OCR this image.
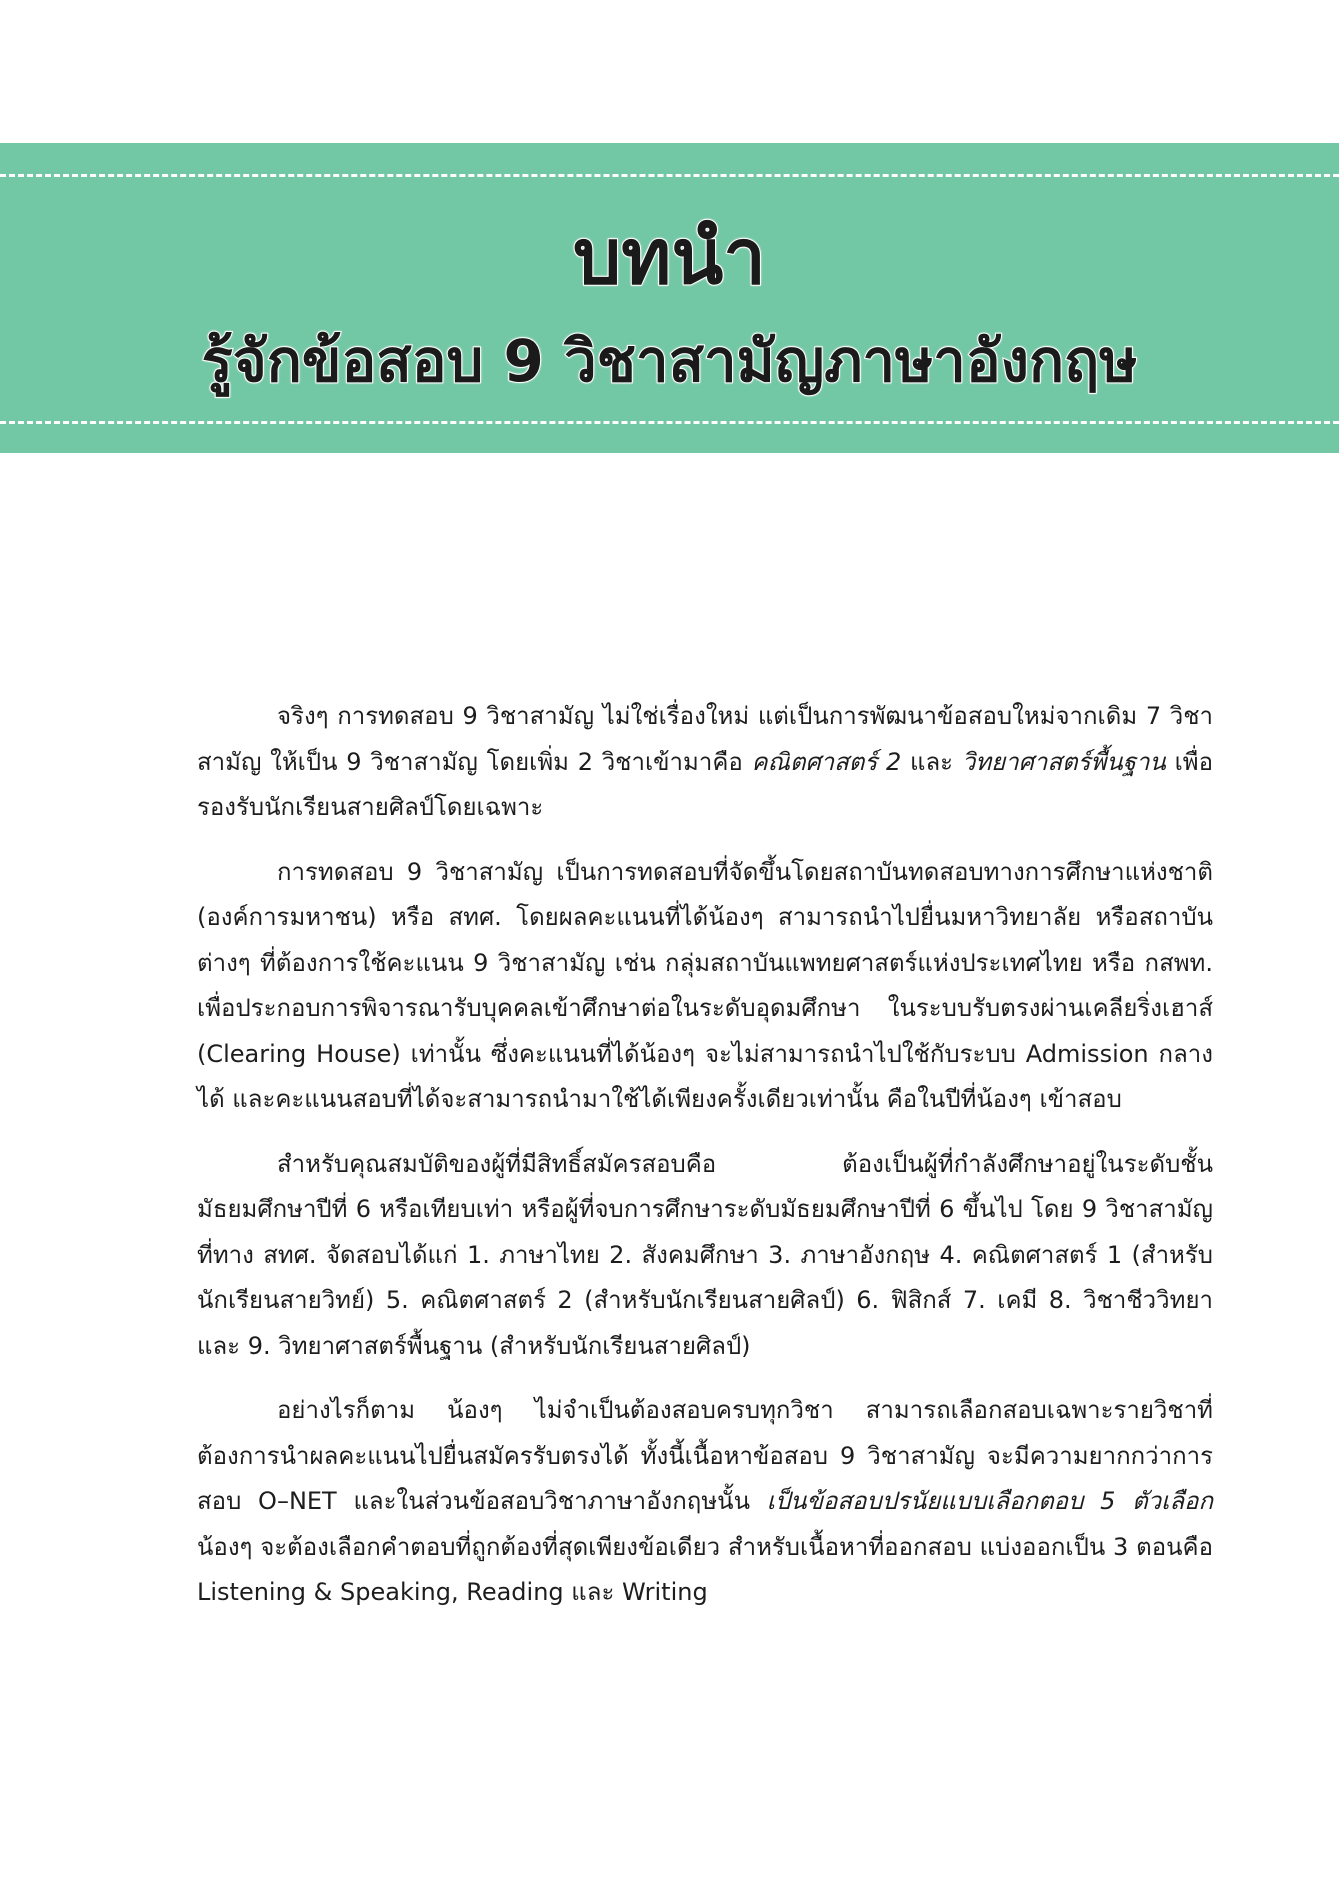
บทนำ
รู้จักข้อสอบ 9 วิชาสามัญภาษาอังกฤษ

จริงๆ การทดสอบ 9 วิชาสามัญ ไม่ใช่เรื่องใหม่ แต่เป็นการพัฒนาข้อสอบใหม่จากเดิม 7 วิชาสามัญ ให้เป็น 9 วิชาสามัญ โดยเพิ่ม 2 วิชาเข้ามาคือ คณิตศาสตร์ 2 และ วิทยาศาสตร์พื้นฐาน เพื่อรองรับนักเรียนสายศิลป์โดยเฉพาะ

การทดสอบ 9 วิชาสามัญ เป็นการทดสอบที่จัดขึ้นโดยสถาบันทดสอบทางการศึกษาแห่งชาติ (องค์การมหาชน) หรือ สทศ. โดยผลคะแนนที่ได้น้องๆ สามารถนำไปยื่นมหาวิทยาลัย หรือสถาบันต่างๆ ที่ต้องการใช้คะแนน 9 วิชาสามัญ เช่น กลุ่มสถาบันแพทยศาสตร์แห่งประเทศไทย หรือ กสพท. เพื่อประกอบการพิจารณารับบุคคลเข้าศึกษาต่อในระดับอุดมศึกษา ในระบบรับตรงผ่านเคลียริ่งเฮาส์ (Clearing House) เท่านั้น ซึ่งคะแนนที่ได้น้องๆ จะไม่สามารถนำไปใช้กับระบบ Admission กลางได้ และคะแนนสอบที่ได้จะสามารถนำมาใช้ได้เพียงครั้งเดียวเท่านั้น คือในปีที่น้องๆ เข้าสอบ

สำหรับคุณสมบัติของผู้ที่มีสิทธิ์สมัครสอบคือ ต้องเป็นผู้ที่กำลังศึกษาอยู่ในระดับชั้นมัธยมศึกษาปีที่ 6 หรือเทียบเท่า หรือผู้ที่จบการศึกษาระดับมัธยมศึกษาปีที่ 6 ขึ้นไป โดย 9 วิชาสามัญที่ทาง สทศ. จัดสอบได้แก่ 1. ภาษาไทย 2. สังคมศึกษา 3. ภาษาอังกฤษ 4. คณิตศาสตร์ 1 (สำหรับนักเรียนสายวิทย์) 5. คณิตศาสตร์ 2 (สำหรับนักเรียนสายศิลป์) 6. ฟิสิกส์ 7. เคมี 8. วิชาชีววิทยา และ 9. วิทยาศาสตร์พื้นฐาน (สำหรับนักเรียนสายศิลป์)

อย่างไรก็ตาม น้องๆ ไม่จำเป็นต้องสอบครบทุกวิชา สามารถเลือกสอบเฉพาะรายวิชาที่ต้องการนำผลคะแนนไปยื่นสมัครรับตรงได้ ทั้งนี้เนื้อหาข้อสอบ 9 วิชาสามัญ จะมีความยากกว่าการสอบ O–NET และในส่วนข้อสอบวิชาภาษาอังกฤษนั้น เป็นข้อสอบปรนัยแบบเลือกตอบ 5 ตัวเลือก น้องๆ จะต้องเลือกคำตอบที่ถูกต้องที่สุดเพียงข้อเดียว สำหรับเนื้อหาที่ออกสอบ แบ่งออกเป็น 3 ตอนคือ Listening & Speaking, Reading และ Writing
